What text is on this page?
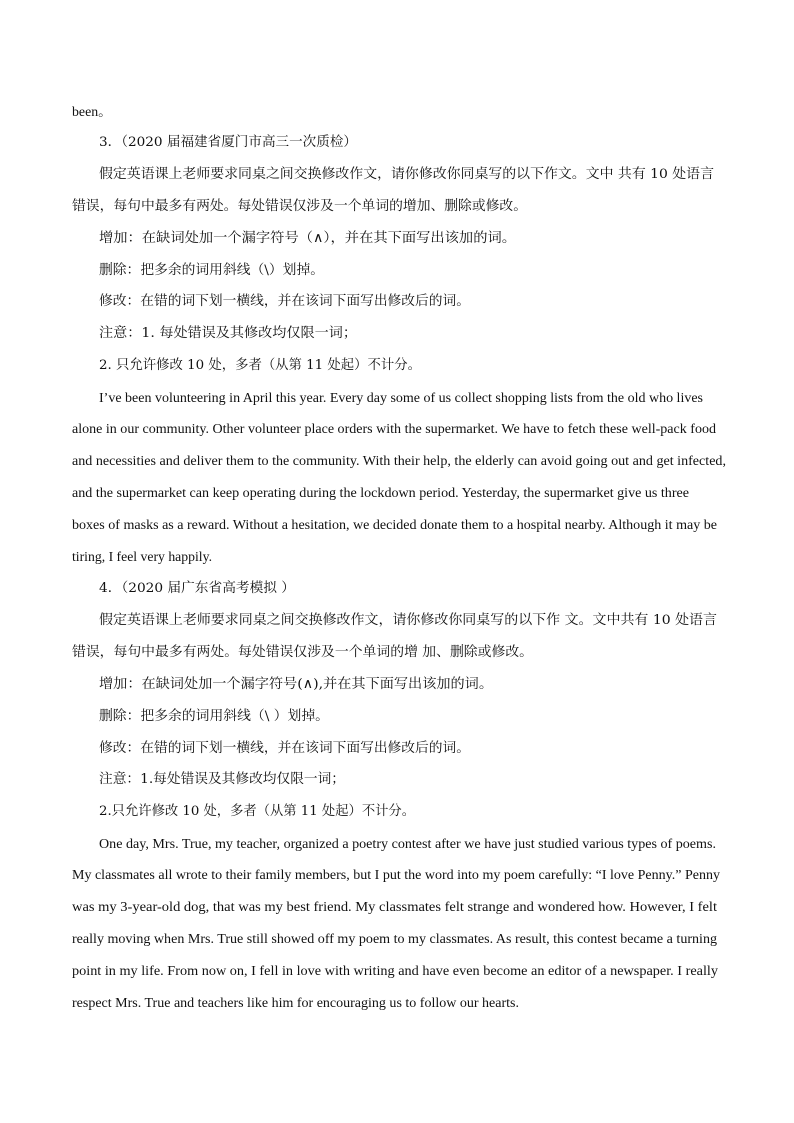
been。
3．（2020 届福建省厦门市高三一次质检）
假定英语课上老师要求同桌之间交换修改作文，请你修改你同桌写的以下作文。文中 共有 10 处语言
错误，每句中最多有两处。每处错误仅涉及一个单词的增加、删除或修改。
增加：在缺词处加一个漏字符号（∧），并在其下面写出该加的词。
删除：把多余的词用斜线（\）划掉。
修改：在错的词下划一横线，并在该词下面写出修改后的词。
注意：1. 每处错误及其修改均仅限一词；
2. 只允许修改 10 处，多者（从第 11 处起）不计分。
I’ve been volunteering in April this year. Every day some of us collect shopping lists from the old who lives
alone in our community. Other volunteer place orders with the supermarket. We have to fetch these well-pack food
and necessities and deliver them to the community. With their help, the elderly can avoid going out and get infected,
and the supermarket can keep operating during the lockdown period. Yesterday, the supermarket give us three
boxes of masks as a reward. Without a hesitation, we decided donate them to a hospital nearby. Although it may be
tiring, I feel very happily.
4．（2020 届广东省高考模拟 ）
假定英语课上老师要求同桌之间交换修改作文，请你修改你同桌写的以下作 文。文中共有 10 处语言
错误，每句中最多有两处。每处错误仅涉及一个单词的增 加、删除或修改。
增加：在缺词处加一个漏字符号(∧),并在其下面写出该加的词。
删除：把多余的词用斜线（\ ）划掉。
修改：在错的词下划一横线，并在该词下面写出修改后的词。
注意：1.每处错误及其修改均仅限一词；
2.只允许修改 10 处，多者（从第 11 处起）不计分。
One day, Mrs. True, my teacher, organized a poetry contest after we have just studied various types of poems.
My classmates all wrote to their family members, but I put the word into my poem carefully: “I love Penny.” Penny
was my 3-year-old dog, that was my best friend. My classmates felt strange and wondered how. However, I felt
really moving when Mrs. True still showed off my poem to my classmates. As result, this contest became a turning
point in my life. From now on, I fell in love with writing and have even become an editor of a newspaper. I really
respect Mrs. True and teachers like him for encouraging us to follow our hearts.
